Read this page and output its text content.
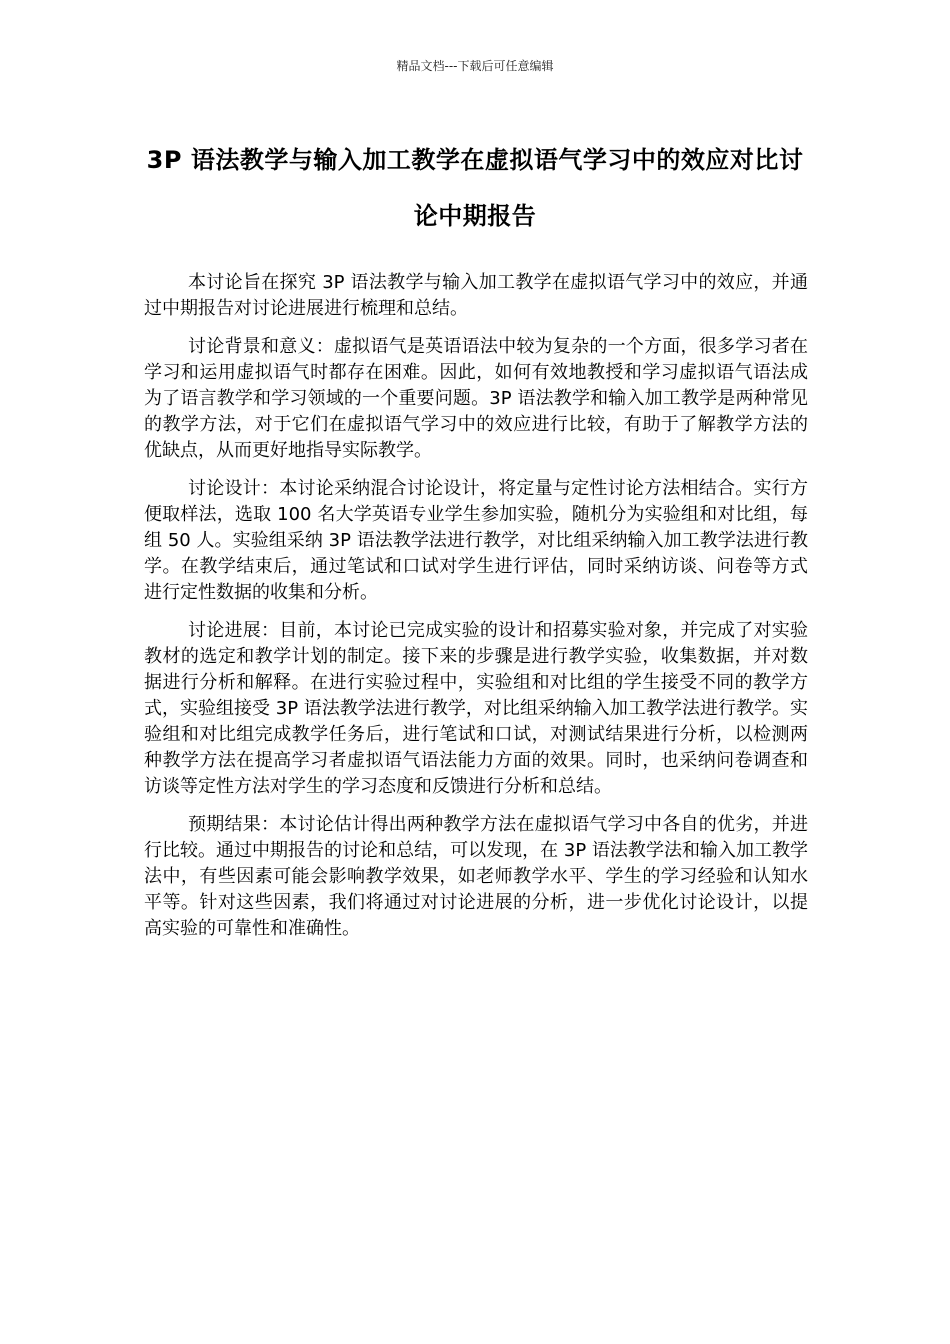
精品文档---下载后可任意编辑
3P 语法教学与输入加工教学在虚拟语气学习中的效应对比讨论中期报告

本讨论旨在探究 3P 语法教学与输入加工教学在虚拟语气学习中的效应，并通过中期报告对讨论进展进行梳理和总结。

讨论背景和意义：虚拟语气是英语语法中较为复杂的一个方面，很多学习者在学习和运用虚拟语气时都存在困难。因此，如何有效地教授和学习虚拟语气语法成为了语言教学和学习领域的一个重要问题。3P 语法教学和输入加工教学是两种常见的教学方法，对于它们在虚拟语气学习中的效应进行比较，有助于了解教学方法的优缺点，从而更好地指导实际教学。

讨论设计：本讨论采纳混合讨论设计，将定量与定性讨论方法相结合。实行方便取样法，选取 100 名大学英语专业学生参加实验，随机分为实验组和对比组，每组 50 人。实验组采纳 3P 语法教学法进行教学，对比组采纳输入加工教学法进行教学。在教学结束后，通过笔试和口试对学生进行评估，同时采纳访谈、问卷等方式进行定性数据的收集和分析。

讨论进展：目前，本讨论已完成实验的设计和招募实验对象，并完成了对实验教材的选定和教学计划的制定。接下来的步骤是进行教学实验，收集数据，并对数据进行分析和解释。在进行实验过程中，实验组和对比组的学生接受不同的教学方式，实验组接受 3P 语法教学法进行教学，对比组采纳输入加工教学法进行教学。实验组和对比组完成教学任务后，进行笔试和口试，对测试结果进行分析，以检测两种教学方法在提高学习者虚拟语气语法能力方面的效果。同时，也采纳问卷调查和访谈等定性方法对学生的学习态度和反馈进行分析和总结。

预期结果：本讨论估计得出两种教学方法在虚拟语气学习中各自的优劣，并进行比较。通过中期报告的讨论和总结，可以发现，在 3P 语法教学法和输入加工教学法中，有些因素可能会影响教学效果，如老师教学水平、学生的学习经验和认知水平等。针对这些因素，我们将通过对讨论进展的分析，进一步优化讨论设计，以提高实验的可靠性和准确性。
